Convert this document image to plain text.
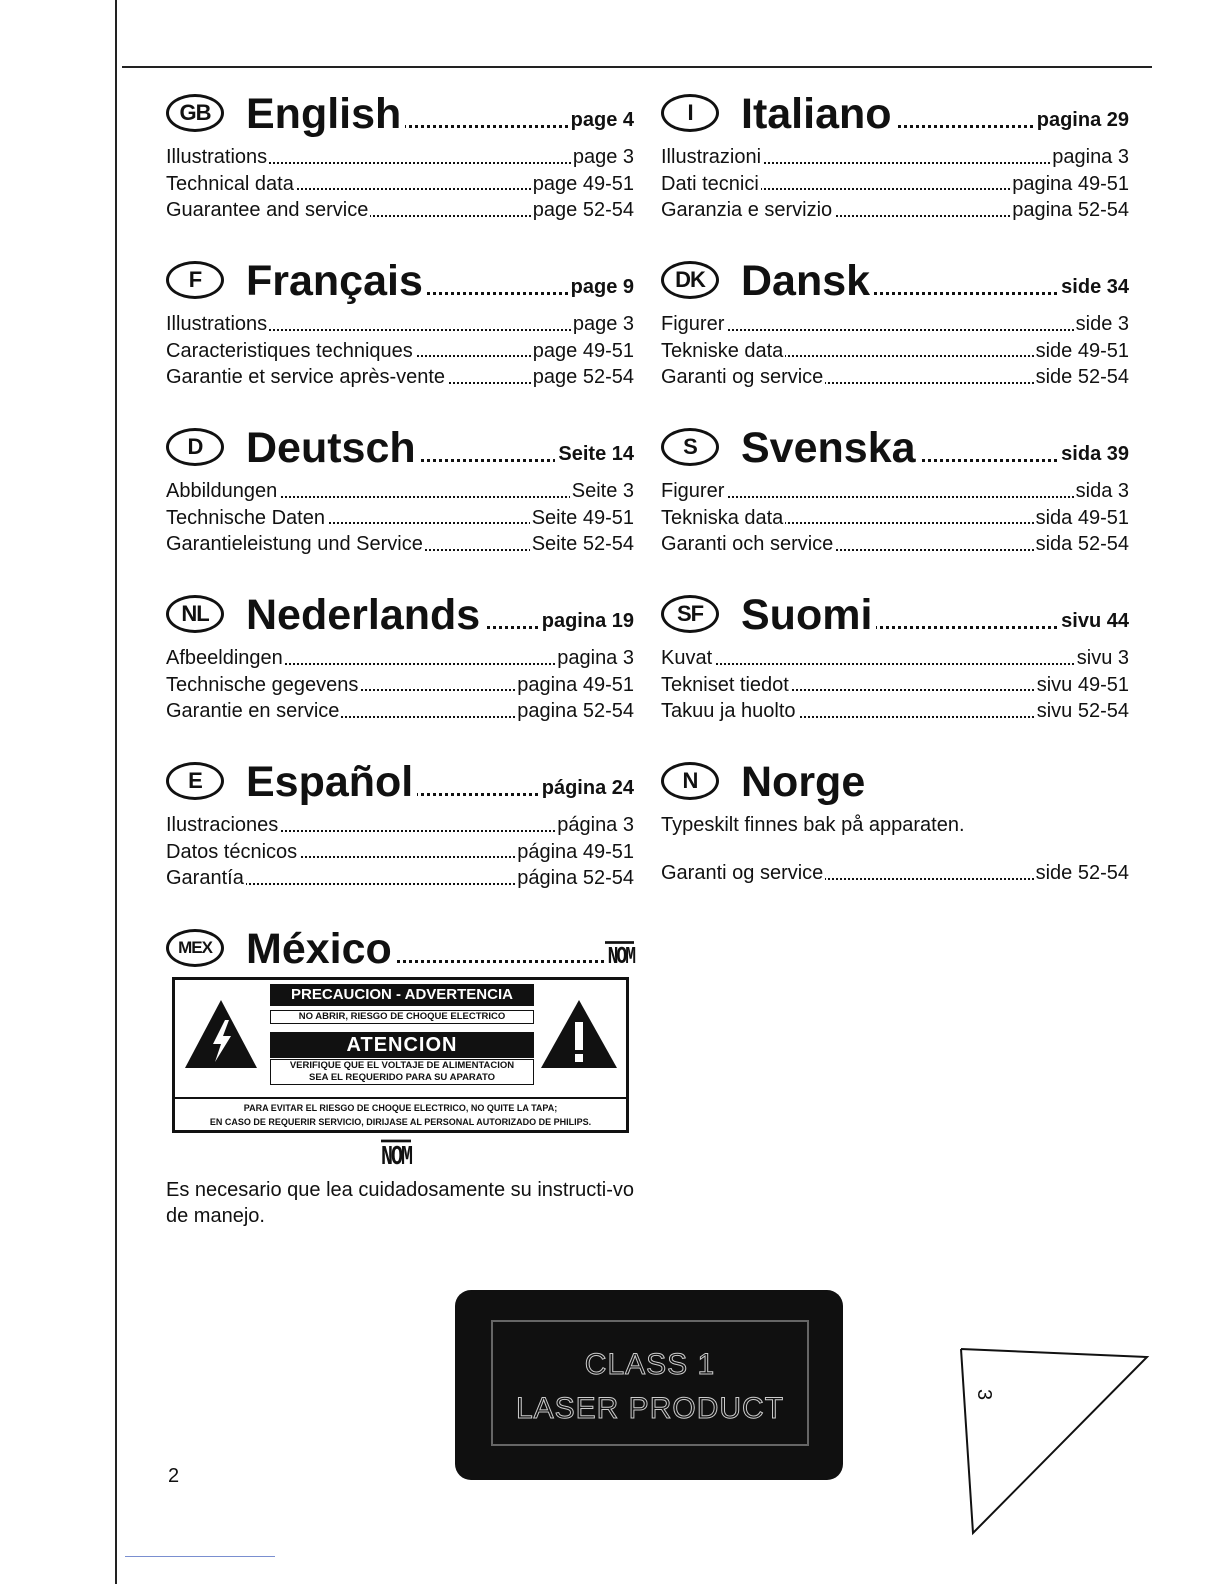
GB English	page 4
Illustrations	page 3
Technical data	page 49-51
Guarantee and service	page 52-54
I	Italiano	pagina 29
Illustrazioni	pagina 3
Dati tecnici	pagina 49-51
Garanzia e servizio	pagina 52-54
F	Français	page 9
Illustrations	page 3
Caracteristiques techniques	page 49-51
Garantie et service après-vente	page 52-54
DK Dansk	side 34
Figurer	side 3
Tekniske data	side 49-51
Garanti og service	side 52-54
D	Deutsch	Seite 14
Abbildungen	Seite 3
Technische Daten	Seite 49-51
Garantieleistung und Service	Seite 52-54
S	Svenska	sida 39
Figurer	sida 3
Tekniska data	sida 49-51
Garanti och service	sida 52-54
NL Nederlands	pagina 19
Afbeeldingen	pagina 3
Technische gegevens	pagina 49-51
Garantie en service	pagina 52-54
SF Suomi	sivu 44
Kuvat	sivu 3
Tekniset tiedot	sivu 49-51
Takuu ja huolto	sivu 52-54
E	Español	página 24
Ilustraciones	página 3
Datos técnicos	página 49-51
Garantía	página 52-54
N	Norge
Typeskilt finnes bak på apparaten.
Garanti og service	side 52-54
MEX México	NOM
PRECAUCION - ADVERTENCIA
NO ABRIR, RIESGO DE CHOQUE ELECTRICO
ATENCION
VERIFIQUE QUE EL VOLTAJE DE ALIMENTACION
SEA EL REQUERIDO PARA SU APARATO
PARA EVITAR EL RIESGO DE CHOQUE ELECTRICO, NO QUITE LA TAPA;
EN CASO DE REQUERIR SERVICIO, DIRIJASE AL PERSONAL AUTORIZADO DE PHILIPS.
NOM
Es necesario que lea cuidadosamente su instructi-vo de manejo.
CLASS 1
LASER PRODUCT	3
2
